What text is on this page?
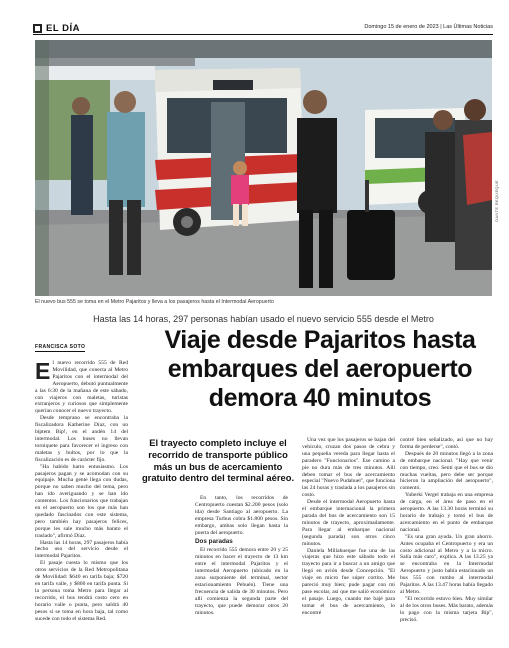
EL DÍA	Domingo 15 de enero de 2023 | Las Últimas Noticias
DANTE REQUEQUE
El nuevo bus 555 se toma en el Metro Pajaritos y lleva a los pasajeros hasta el Intermodal Aeropuerto
Hasta las 14 horas, 297 personas habían usado el nuevo servicio 555 desde el Metro
FRANCISCA SOTO	Viaje desde Pajaritos hasta embarques del aeropuerto demora 40 minutos

El nuevo recorrido 555 de Red Movilidad, que conecta al Metro Pajaritos con el intermodal del Aeropuerto, debutó puntualmente a las 6:30 de la mañana de este sábado, con viajeros con maletas, turistas extranjeros y curiosos que simplemente querían conocer el nuevo trayecto.

Desde temprano se encontraba la fiscalizadora Katherine Díaz, con un bíptem Bip!, en el andén 14 del intermodal. Los buses no llevan torniquete para favorecer el ingreso con maletas y bultos, por lo que la fiscalización es de carácter fijo.

"Ha habido harto entusiasmo. Los pasajeros pagan y se acomodan con su equipaje. Mucha gente llega con dudas, porque no saben mucho del tema, pero han ido averiguando y se han ido contentos. Los funcionarios que trabajan en el aeropuerto son los que más han quedado fascinados con este sistema, pero también hay pasajeros felices, porque les sale mucho más barato el traslado", afirmó Díaz.

Hasta las 14 horas, 297 pasajeros había hecho uso del servicio desde el intermodal Pajaritos.

El pasaje cuesta lo mismo que los otros servicios de la Red Metropolitana de Movilidad: $640 en tarifa baja; $720 en tarifa valle, y $800 en tarifa punta. Si la persona toma Metro para llegar al recorrido, el bus tendrá costo cero en horario valle o punta, pero saldrá 40 pesos si se toma en hora baja, tal como sucede con todo el sistema Red.

El trayecto completo incluye el recorrido de transporte público más un bus de acercamiento gratuito dentro del terminal aéreo.

En tanto, los recorridos de Centropuerto cuestan $2.200 pesos (solo ida) desde Santiago al aeropuerto. La empresa Turbus cobra $1.800 pesos. Sin embargo, ambas solo llegan hasta la puerta del aeropuerto.

Dos paradas

El recorrido 555 demora entre 20 y 25 minutos en hacer el trayecto de 13 km entre el intermodal Pajaritos y el intermodal Aeropuerto (ubicado en la zona surponiente del terminal, sector estacionamiento Pehuén). Tiene una frecuencia de salida de 30 minutos. Pero allí comienza la segunda parte del trayecto, que puede demorar otros 20 minutos.

Una vez que los pasajeros se bajan del vehículo, cruzan dos pasos de cebra y una pequeña vereda para llegar hasta el paradero "Funcionarios". Ese camino a pie no dura más de tres minutos. Allí deben tomar el bus de acercamiento especial "Nuevo Pudahuel", que funciona las 24 horas y traslada a los pasajeros sin costo.

Desde el intermodal Aeropuerto hasta el embarque internacional la primera parada del bus de acercamiento son 15 minutos de trayecto, aproximadamente. Para llegar al embarque nacional (segunda parada) son otros cinco minutos.

Daniela Millahueque fue una de las viajeras que hizo este sábado todo el trayecto para ir a buscar a un amigo que llegó en avión desde Concepción. "El viaje en micro fue súper cortito. Me pareció muy bien; pude pagar con mi pase escolar, así que me salió económico el pasaje. Luego, cuando me bajé para tomar el bus de acercamiento, lo encontré

contré bien señalizado, así que no hay forma de perderse", contó.

Después de 20 minutos llegó a la zona de embarque nacional. "Hay que venir con tiempo, creo. Sentí que el bus se dio muchas vueltas, pero debe ser porque hicieron la ampliación del aeropuerto", comentó.

Yuberki Vergel trabaja en una empresa de carga, en el área de paso en el aeropuerto. A las 13.30 horas terminó su horario de trabajo y tomó el bus de acercamiento en el punto de embarque nacional.

"Es una gran ayuda. Un gran ahorro. Antes ocupaba el Centropuerto y era un costo adicional al Metro y a la micro. Salía más caro", explica. A las 13.25 ya se encontraba en la Intermodal Aeropuerto y justo había estacionado un bus 555 con rumbo al intermodal Pajaritos. A las 13.47 horas había llegado al Metro.

"El recorrido estuvo bien. Muy similar al de los otros buses. Más barato, además lo pago con la misma tarjeta Bip", precisó.
